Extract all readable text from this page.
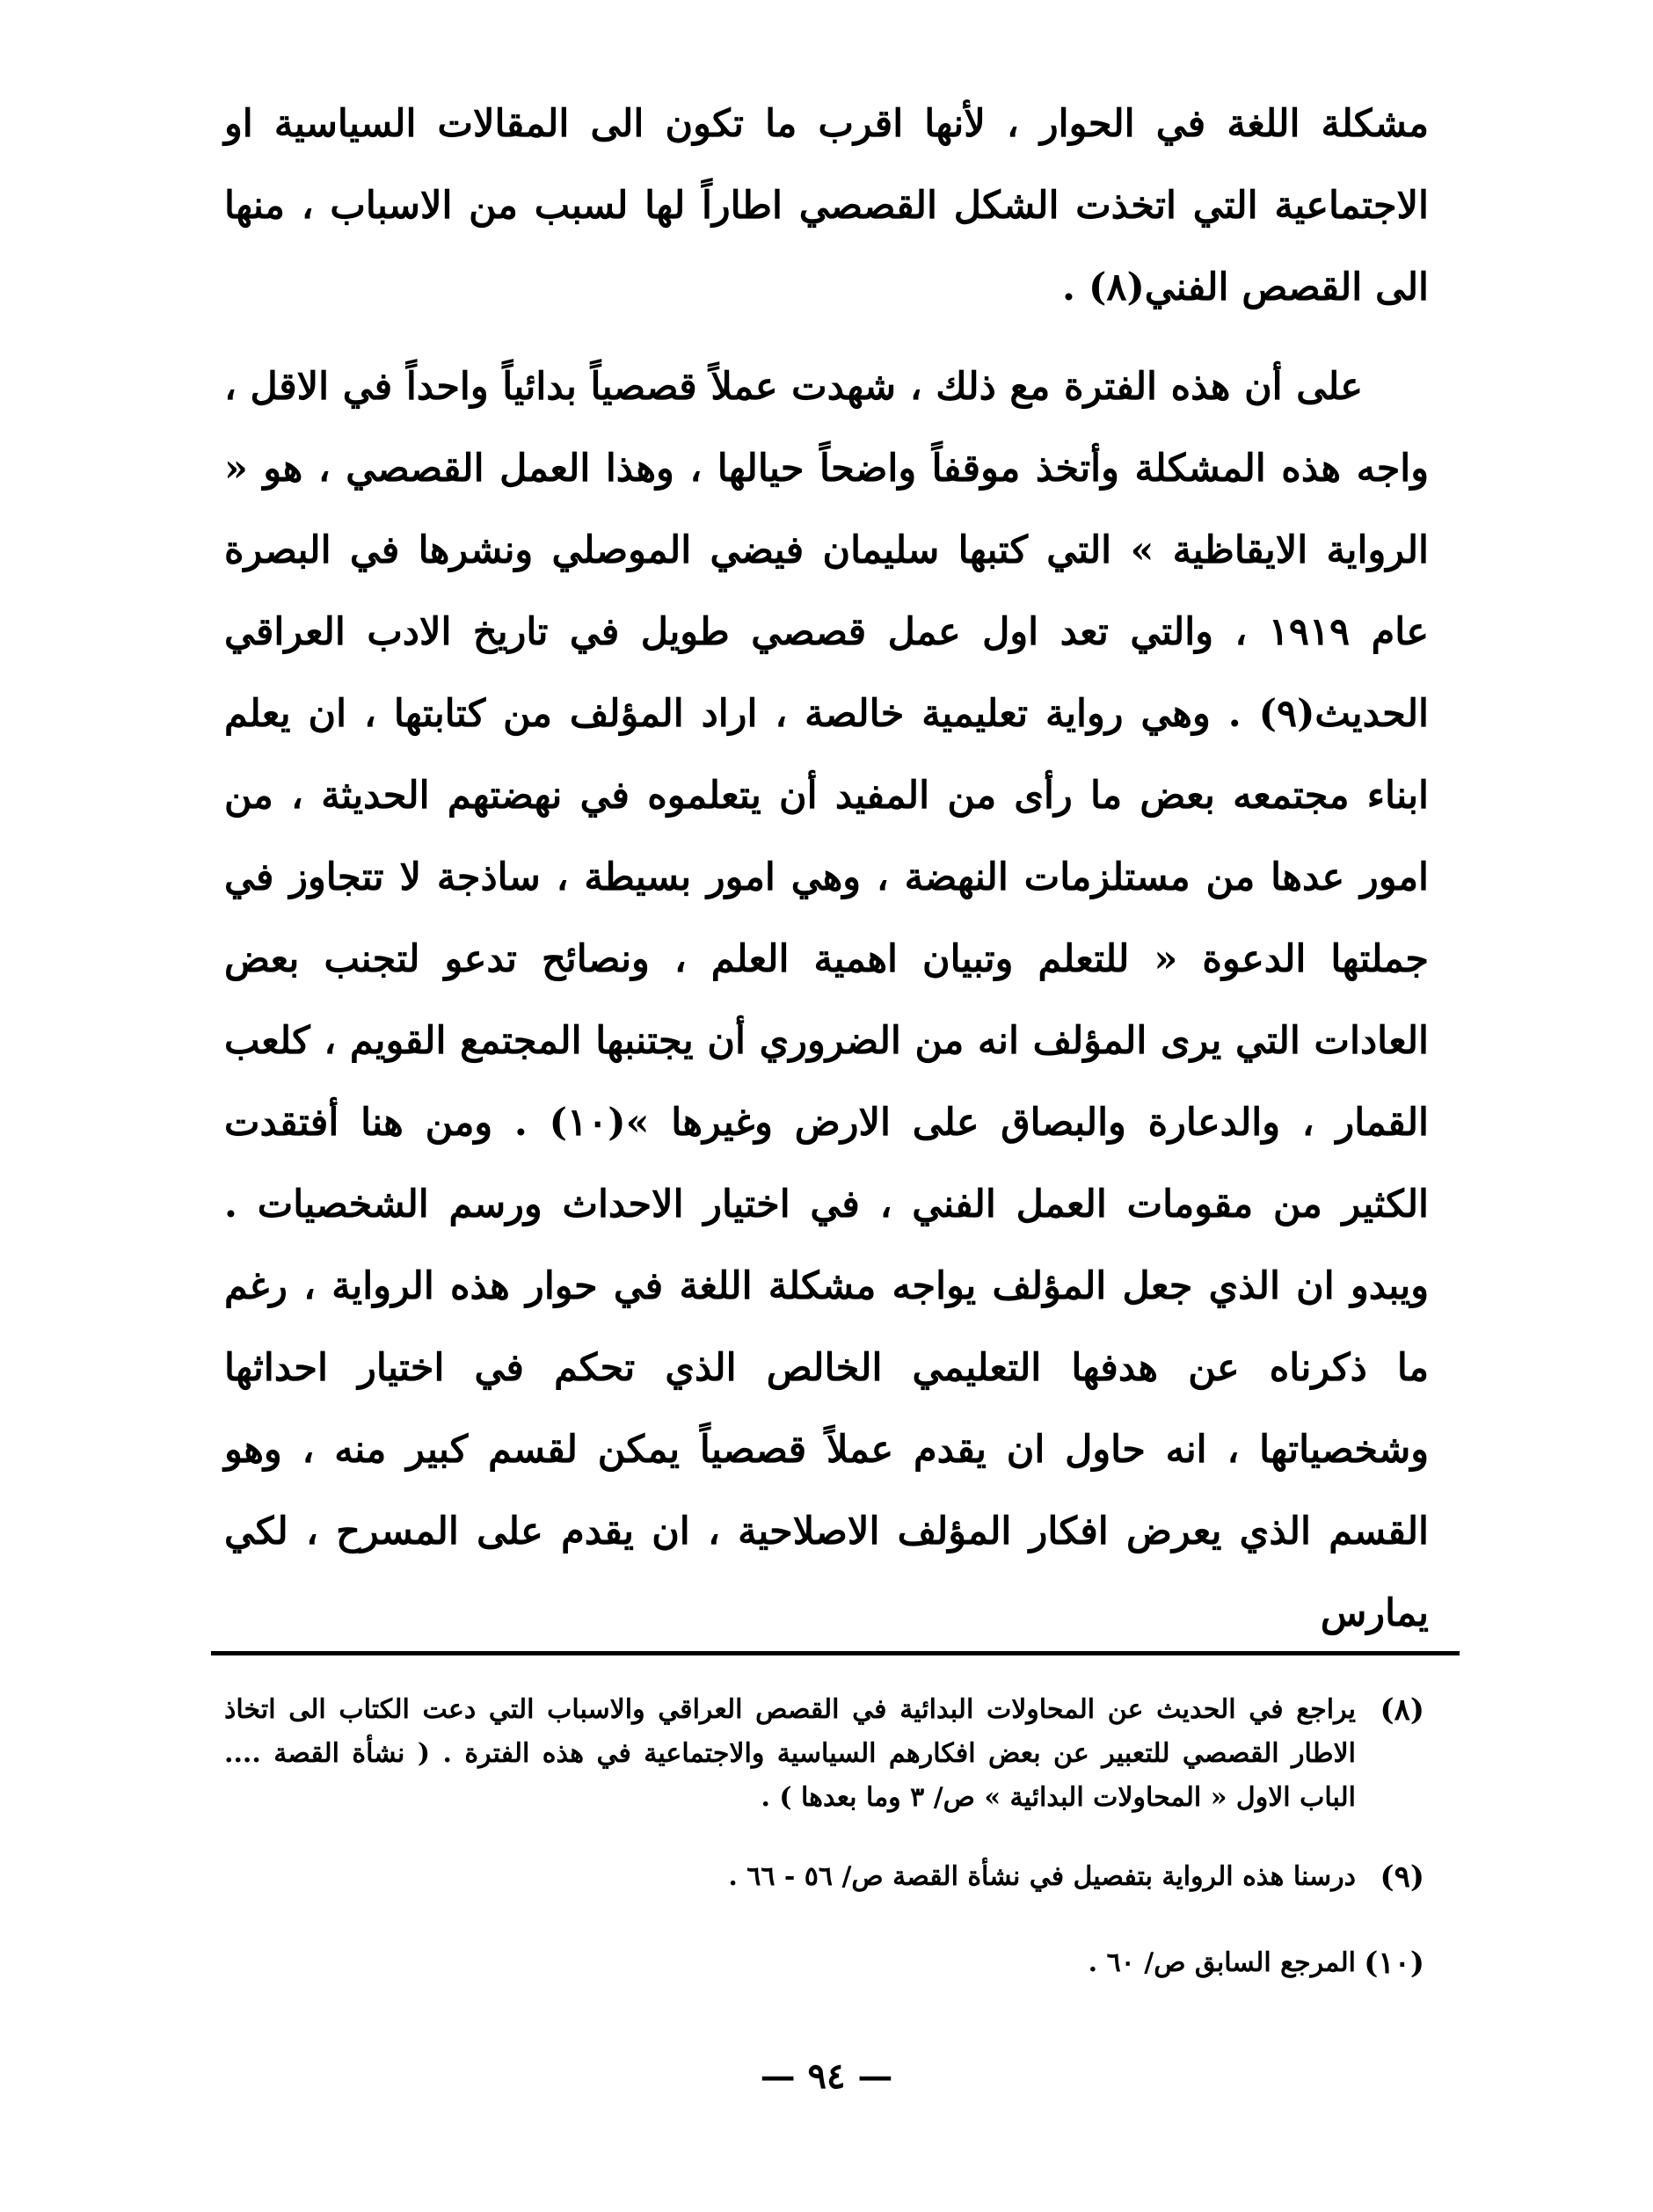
مشكلة اللغة في الحوار ، لأنها اقرب ما تكون الى المقالات السياسية او الاجتماعية التي اتخذت الشكل القصصي اطاراً لها لسبب من الاسباب ، منها الى القصص الفني(٨) .

على أن هذه الفترة مع ذلك ، شهدت عملاً قصصياً بدائياً واحداً في الاقل ، واجه هذه المشكلة وأتخذ موقفاً واضحاً حيالها ، وهذا العمل القصصي ، هو « الرواية الايقاظية » التي كتبها سليمان فيضي الموصلي ونشرها في البصرة عام ١٩١٩ ، والتي تعد اول عمل قصصي طويل في تاريخ الادب العراقي الحديث(٩) . وهي رواية تعليمية خالصة ، اراد المؤلف من كتابتها ، ان يعلم ابناء مجتمعه بعض ما رأى من المفيد أن يتعلموه في نهضتهم الحديثة ، من امور عدها من مستلزمات النهضة ، وهي امور بسيطة ، ساذجة لا تتجاوز في جملتها الدعوة « للتعلم وتبيان اهمية العلم ، ونصائح تدعو لتجنب بعض العادات التي يرى المؤلف انه من الضروري أن يجتنبها المجتمع القويم ، كلعب القمار ، والدعارة والبصاق على الارض وغيرها »(١٠) . ومن هنا أفتقدت الكثير من مقومات العمل الفني ، في اختيار الاحداث ورسم الشخصيات . ويبدو ان الذي جعل المؤلف يواجه مشكلة اللغة في حوار هذه الرواية ، رغم ما ذكرناه عن هدفها التعليمي الخالص الذي تحكم في اختيار احداثها وشخصياتها ، انه حاول ان يقدم عملاً قصصياً يمكن لقسم كبير منه ، وهو القسم الذي يعرض افكار المؤلف الاصلاحية ، ان يقدم على المسرح ، لكي يمارس

(٨)
يراجع في الحديث عن المحاولات البدائية في القصص العراقي والاسباب التي دعت الكتاب الى اتخاذ الاطار القصصي للتعبير عن بعض افكارهم السياسية والاجتماعية في هذه الفترة . ( نشأة القصة .... الباب الاول « المحاولات البدائية » ص/ ٣ وما بعدها ) .
(٩)
درسنا هذه الرواية بتفصيل في نشأة القصة ص/ ٥٦ - ٦٦ .
(١٠)
المرجع السابق ص/ ٦٠ .
— ٩٤ —
